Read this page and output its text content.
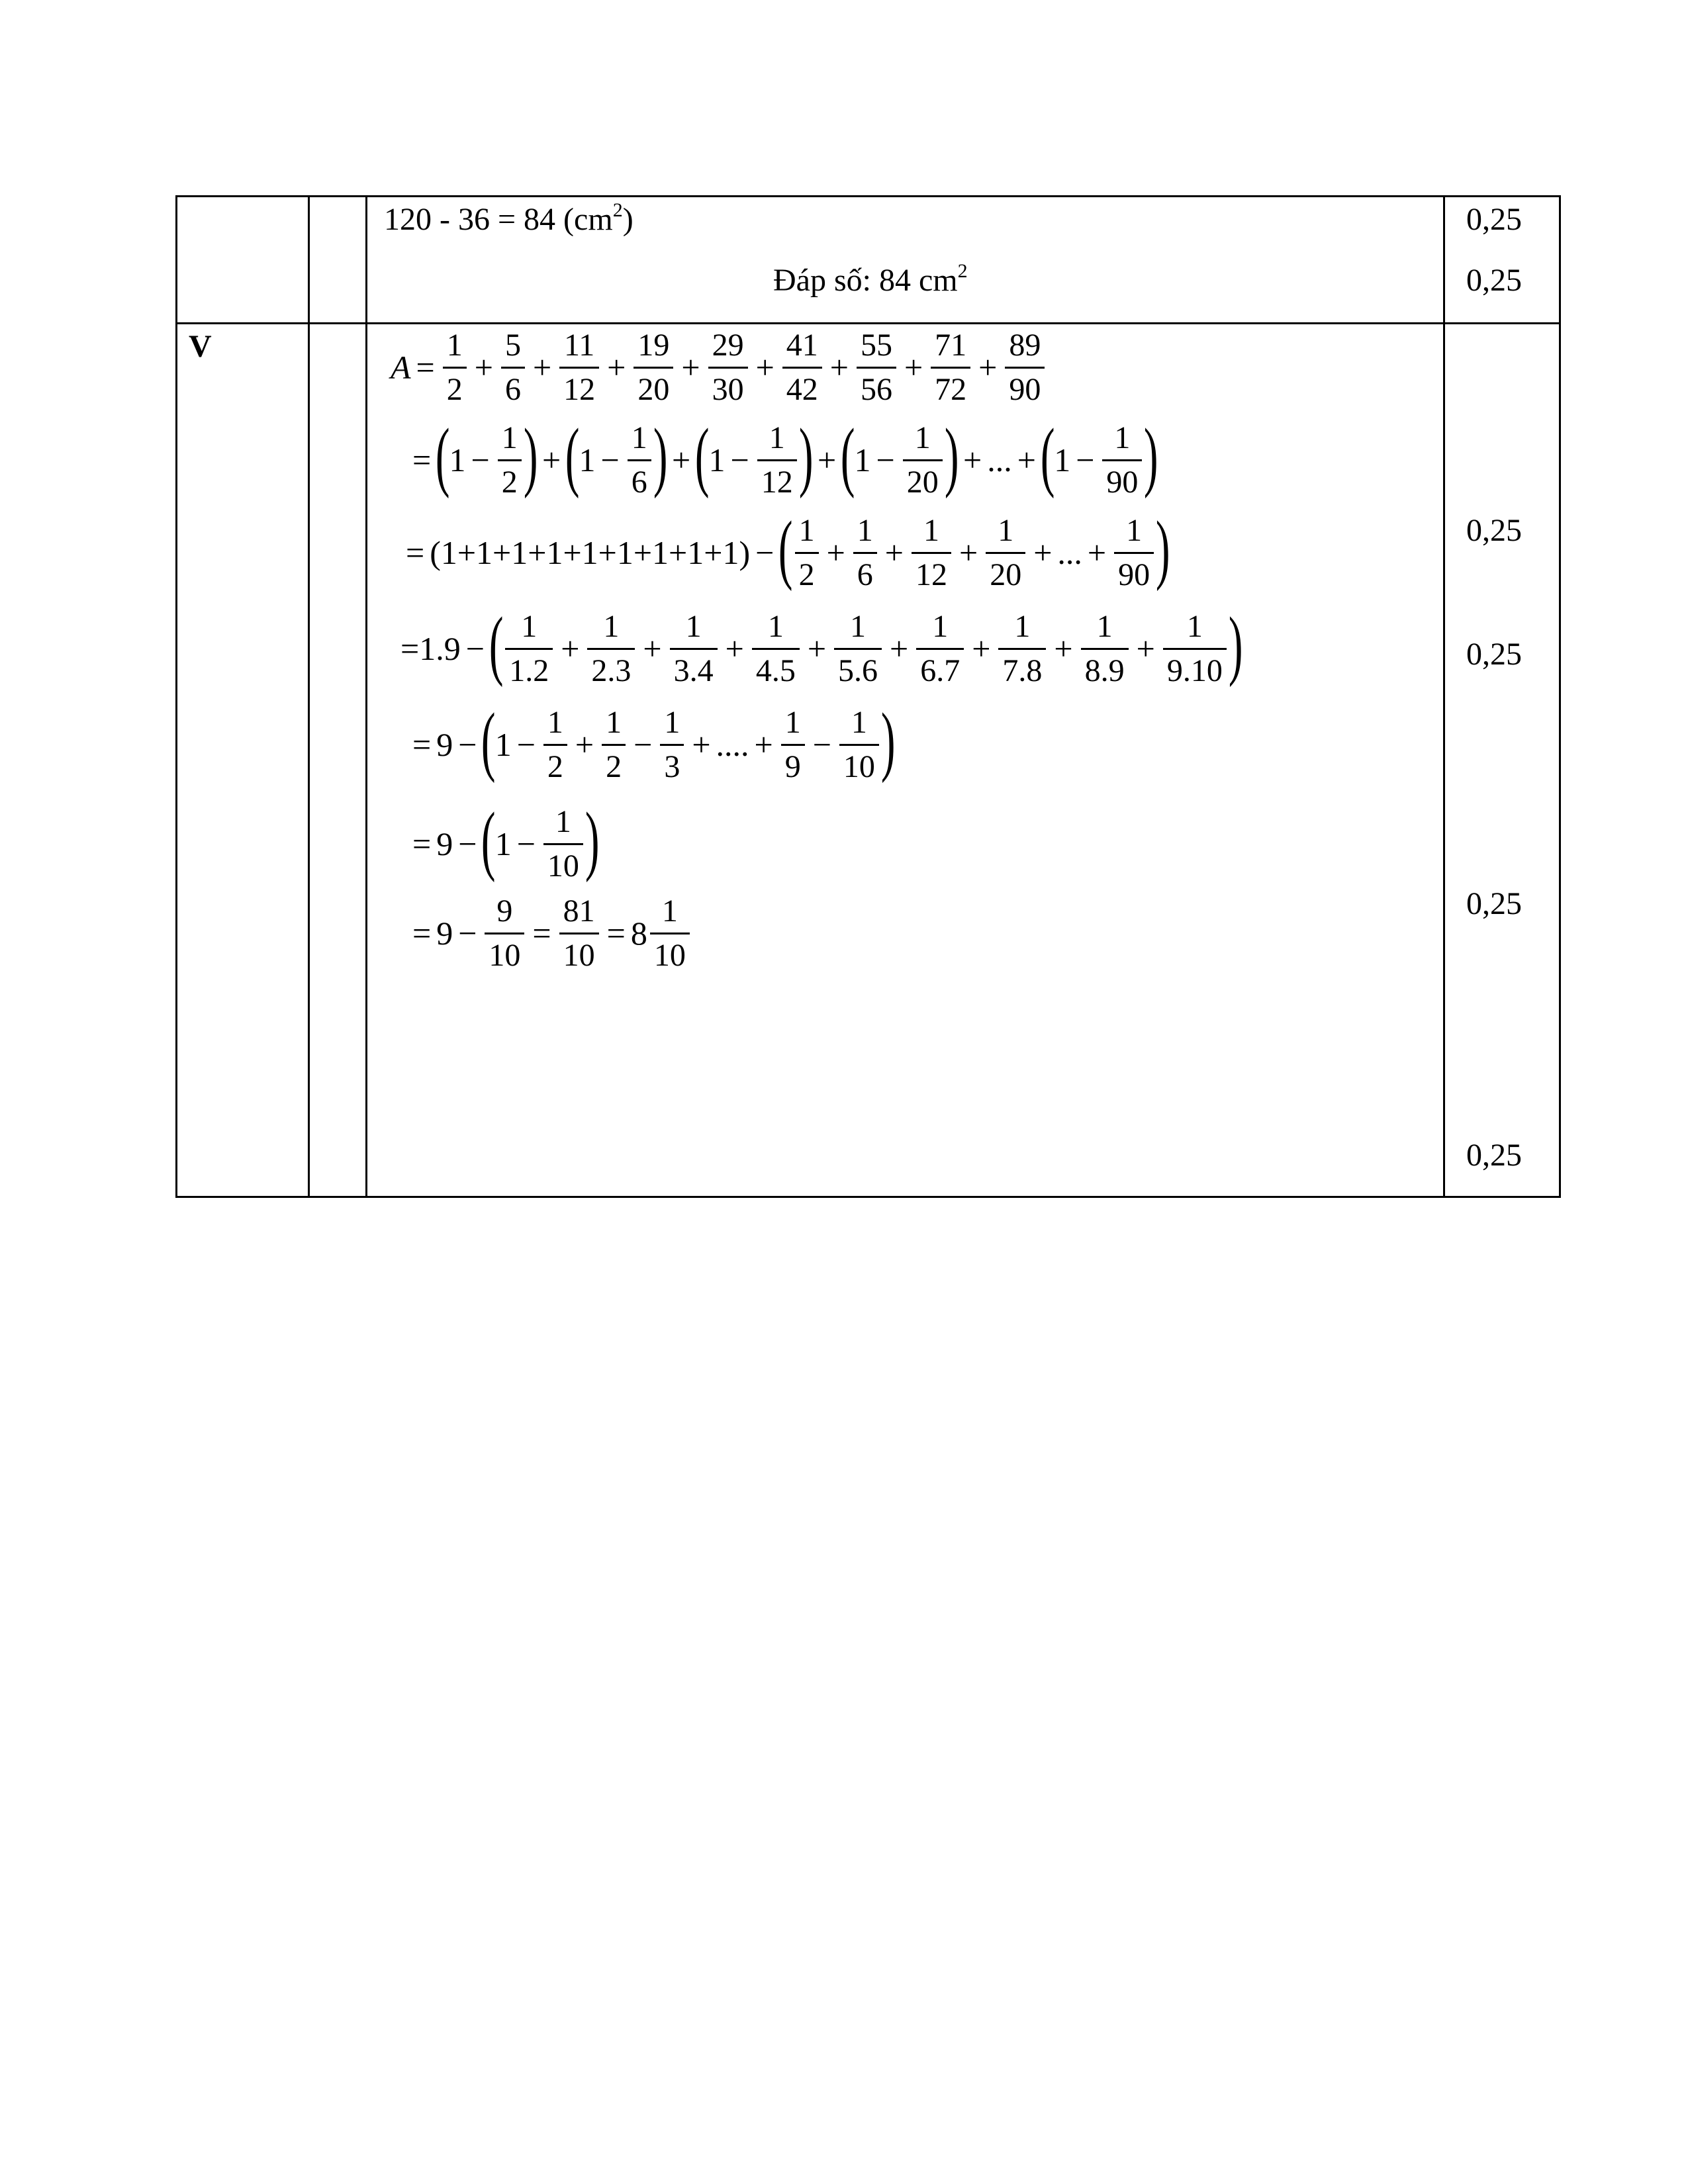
120 - 36 = 84 $(cm^2)$
Đáp số: 84 $cm^2$
0,25
0,25
V
0,25
0,25
0,25
0,25
$A = \frac{1}{2} + \frac{5}{6} + \frac{11}{12} + \frac{19}{20} + \frac{29}{30} + \frac{41}{42} + \frac{55}{56} + \frac{71}{72} + \frac{89}{90}$
= (
$1 - \frac{1}{2}$ ) + (
$1 - \frac{1}{6}$ ) + (
$1 - \frac{1}{12}$ ) + (
$1 - \frac{1}{20}$ ) + ... + (
$1 - \frac{1}{90}$ )
= (1+1+1+1+1+1+1+1+1) − ( $\frac{1}{2} + \frac{1}{6} + \frac{1}{12} + \frac{1}{20}$ + ... + $\frac{1}{90}$ )
=1.9 − ( $\frac{1}{1.2} + \frac{1}{2.3} + \frac{1}{3.4} + \frac{1}{4.5} + \frac{1}{5.6} + \frac{1}{6.7} + \frac{1}{7.8} + \frac{1}{8.9} + \frac{1}{9.10}$ )
= 9 − (
$1 - \frac{1}{2} + \frac{1}{2} - \frac{1}{3}$ + .... + $\frac{1}{9} - \frac{1}{10}$ )
= 9 − (
$1 - \frac{1}{10}$ )
= $9 - \frac{9}{10} = \frac{81}{10} = 8 \frac{1}{10}$
